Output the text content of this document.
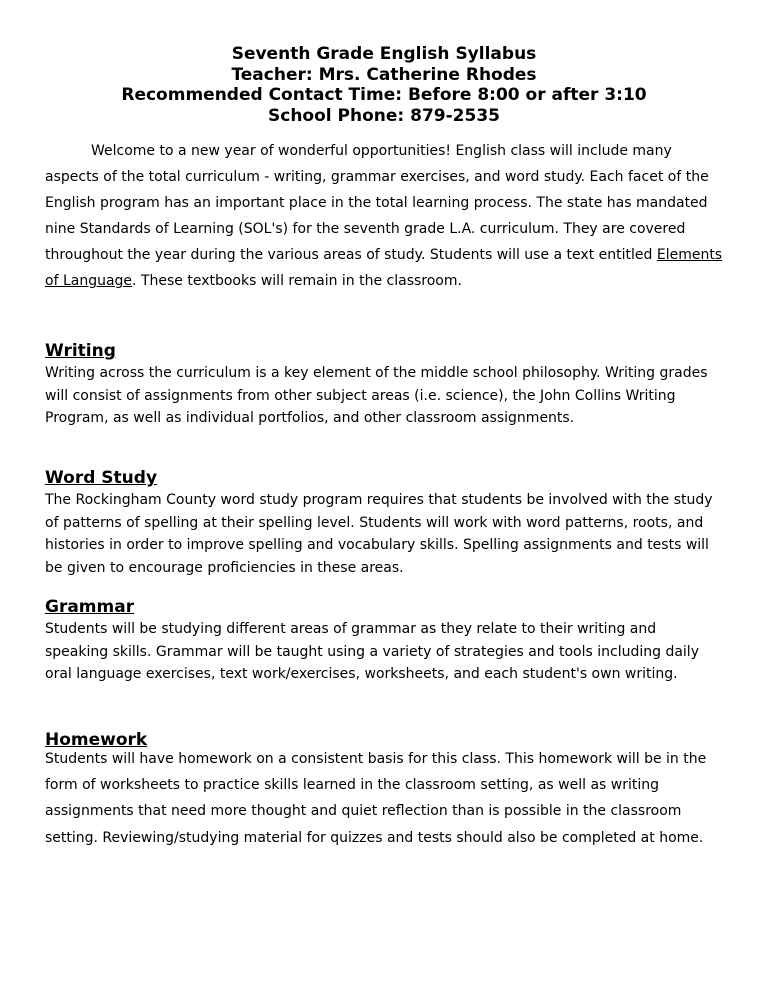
Seventh Grade English Syllabus
Teacher: Mrs. Catherine Rhodes
Recommended Contact Time: Before 8:00 or after 3:10
School Phone: 879-2535

Welcome to a new year of wonderful opportunities! English class will include many aspects of the total curriculum - writing, grammar exercises, and word study. Each facet of the English program has an important place in the total learning process. The state has mandated nine Standards of Learning (SOL's) for the seventh grade L.A. curriculum. They are covered throughout the year during the various areas of study. Students will use a text entitled Elements of Language. These textbooks will remain in the classroom.

Writing

Writing across the curriculum is a key element of the middle school philosophy. Writing grades will consist of assignments from other subject areas (i.e. science), the John Collins Writing Program, as well as individual portfolios, and other classroom assignments.

Word Study

The Rockingham County word study program requires that students be involved with the study of patterns of spelling at their spelling level. Students will work with word patterns, roots, and histories in order to improve spelling and vocabulary skills. Spelling assignments and tests will be given to encourage proficiencies in these areas.

Grammar

Students will be studying different areas of grammar as they relate to their writing and speaking skills. Grammar will be taught using a variety of strategies and tools including daily oral language exercises, text work/exercises, worksheets, and each student's own writing.

Homework

Students will have homework on a consistent basis for this class. This homework will be in the form of worksheets to practice skills learned in the classroom setting, as well as writing assignments that need more thought and quiet reflection than is possible in the classroom setting. Reviewing/studying material for quizzes and tests should also be completed at home.
